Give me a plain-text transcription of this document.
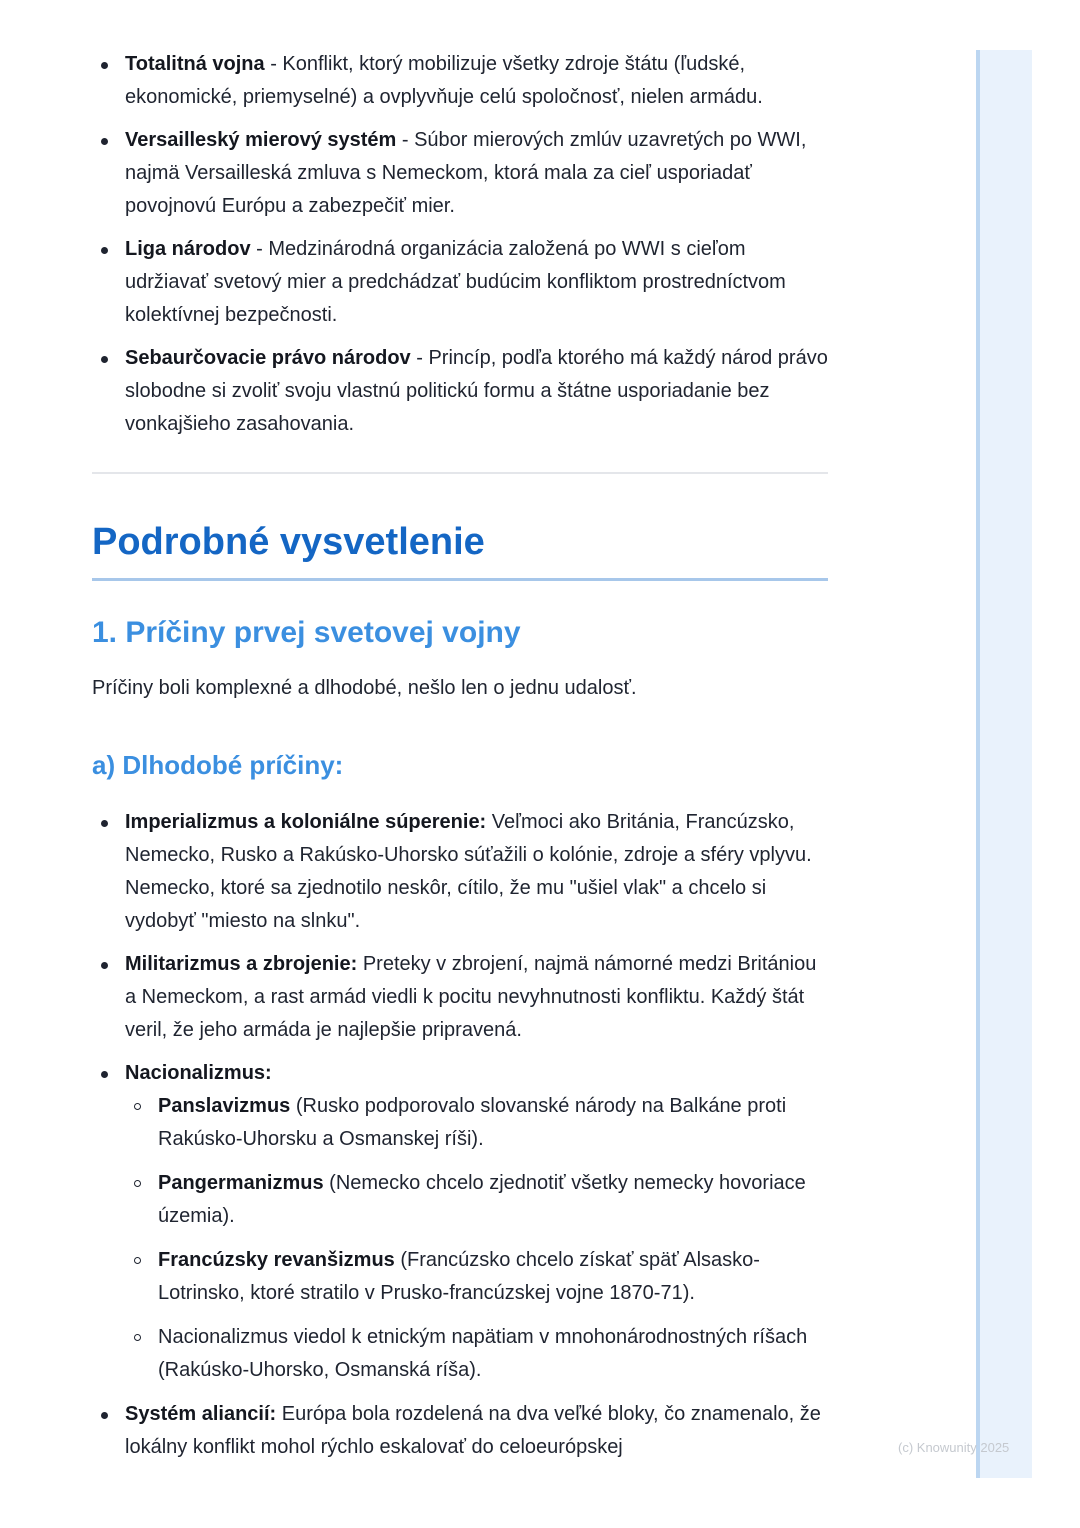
Totalitná vojna - Konflikt, ktorý mobilizuje všetky zdroje štátu (ľudské, ekonomické, priemyselné) a ovplyvňuje celú spoločnosť, nielen armádu.
Versailleský mierový systém - Súbor mierových zmlúv uzavretých po WWI, najmä Versailleská zmluva s Nemeckom, ktorá mala za cieľ usporiadať povojnovú Európu a zabezpečiť mier.
Liga národov - Medzinárodná organizácia založená po WWI s cieľom udržiavať svetový mier a predchádzať budúcim konfliktom prostredníctvom kolektívnej bezpečnosti.
Sebaurčovacie právo národov - Princíp, podľa ktorého má každý národ právo slobodne si zvoliť svoju vlastnú politickú formu a štátne usporiadanie bez vonkajšieho zasahovania.
Podrobné vysvetlenie
1. Príčiny prvej svetovej vojny

Príčiny boli komplexné a dlhodobé, nešlo len o jednu udalosť.

a) Dlhodobé príčiny:
Imperializmus a koloniálne súperenie: Veľmoci ako Británia, Francúzsko, Nemecko, Rusko a Rakúsko-Uhorsko súťažili o kolónie, zdroje a sféry vplyvu. Nemecko, ktoré sa zjednotilo neskôr, cítilo, že mu "ušiel vlak" a chcelo si vydobyť "miesto na slnku".
Militarizmus a zbrojenie: Preteky v zbrojení, najmä námorné medzi Britániou a Nemeckom, a rast armád viedli k pocitu nevyhnutnosti konfliktu. Každý štát veril, že jeho armáda je najlepšie pripravená.
Nacionalizmus:
Panslavizmus (Rusko podporovalo slovanské národy na Balkáne proti Rakúsko-Uhorsku a Osmanskej ríši).
Pangermanizmus (Nemecko chcelo zjednotiť všetky nemecky hovoriace územia).
Francúzsky revanšizmus (Francúzsko chcelo získať späť Alsasko-Lotrinsko, ktoré stratilo v Prusko-francúzskej vojne 1870-71).
Nacionalizmus viedol k etnickým napätiam v mnohonárodnostných ríšach (Rakúsko-Uhorsko, Osmanská ríša).
Systém aliancií: Európa bola rozdelená na dva veľké bloky, čo znamenalo, že lokálny konflikt mohol rýchlo eskalovať do celoeurópskej	(c) Knowunity 2025
